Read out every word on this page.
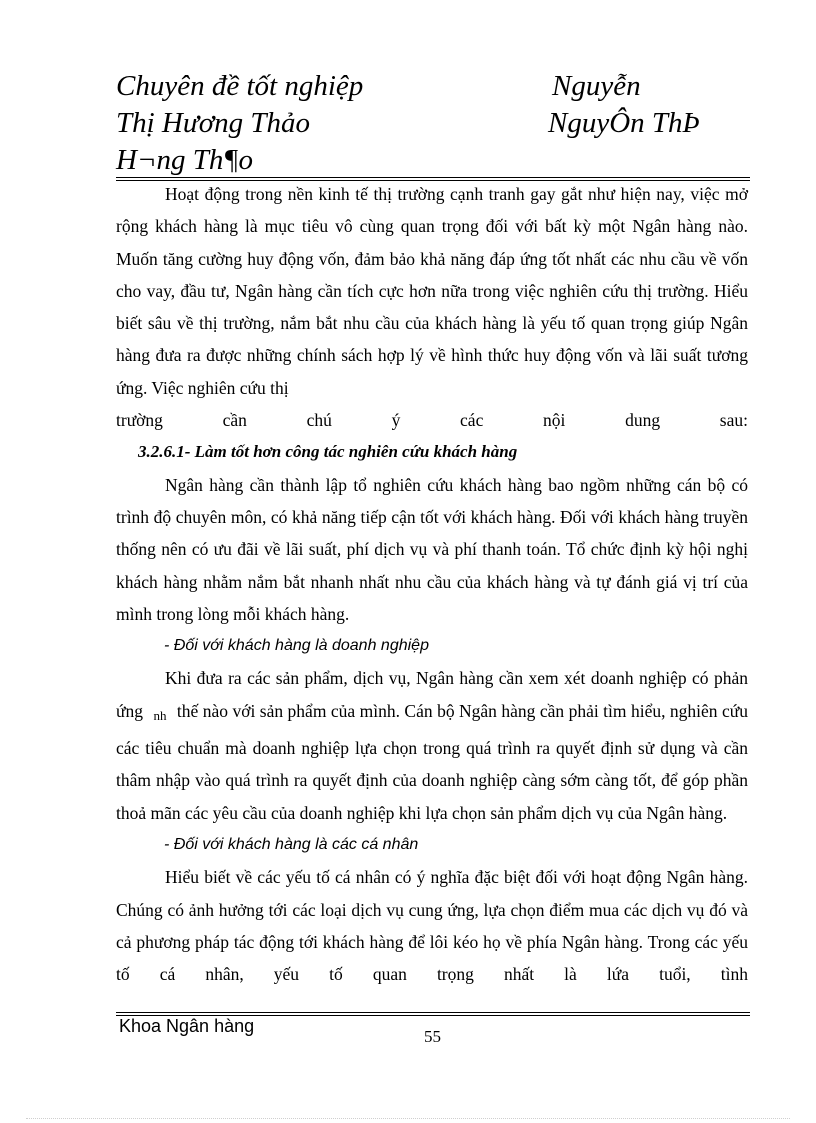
Chuyên đề tốt nghiệp	Nguyễn
Thị Hương Thảo	NguyÔn ThÞ
H¬ng Th¶o

Hoạt động trong nền kinh tế thị trường cạnh tranh gay gắt như hiện nay, việc mở rộng khách hàng là mục tiêu vô cùng quan trọng đối với bất kỳ một Ngân hàng nào. Muốn tăng cường huy động vốn, đảm bảo khả năng đáp ứng tốt nhất các nhu cầu về vốn cho vay, đầu tư, Ngân hàng cần tích cực hơn nữa trong việc nghiên cứu thị trường. Hiểu biết sâu về thị trường, nắm bắt nhu cầu của khách hàng là yếu tố quan trọng giúp Ngân hàng đưa ra được những chính sách hợp lý về hình thức huy động vốn và lãi suất tương ứng. Việc nghiên cứu thị

trường cần chú ý các nội dung sau:

3.2.6.1- Làm tốt hơn công tác nghiên cứu khách hàng

Ngân hàng cần thành lập tổ nghiên cứu khách hàng bao ngồm những cán bộ có trình độ chuyên môn, có khả năng tiếp cận tốt với khách hàng. Đối với khách hàng truyền thống nên có ưu đãi về lãi suất, phí dịch vụ và phí thanh toán. Tổ chức định kỳ hội nghị khách hàng nhằm nắm bắt nhanh nhất nhu cầu của khách hàng và tự đánh giá vị trí của mình trong lòng mỗi khách hàng.

- Đối với khách hàng là doanh nghiệp

Khi đưa ra các sản phẩm, dịch vụ, Ngân hàng cần xem xét doanh nghiệp có phản ứng nh thế nào với sản phẩm của mình. Cán bộ Ngân hàng cần phải tìm hiểu, nghiên cứu các tiêu chuẩn mà doanh nghiệp lựa chọn trong quá trình ra quyết định sử dụng và cần thâm nhập vào quá trình ra quyết định của doanh nghiệp càng sớm càng tốt, để góp phần thoả mãn các yêu cầu của doanh nghiệp khi lựa chọn sản phẩm dịch vụ của Ngân hàng.

- Đối với khách hàng là các cá nhân

Hiểu biết về các yếu tố cá nhân có ý nghĩa đặc biệt đối với hoạt động Ngân hàng. Chúng có ảnh hưởng tới các loại dịch vụ cung ứng, lựa chọn điểm mua các dịch vụ đó và cả phương pháp tác động tới khách hàng để lôi kéo họ về phía Ngân hàng. Trong các yếu tố cá nhân, yếu tố quan trọng nhất là lứa tuổi, tình

Khoa Ngân hàng
55
